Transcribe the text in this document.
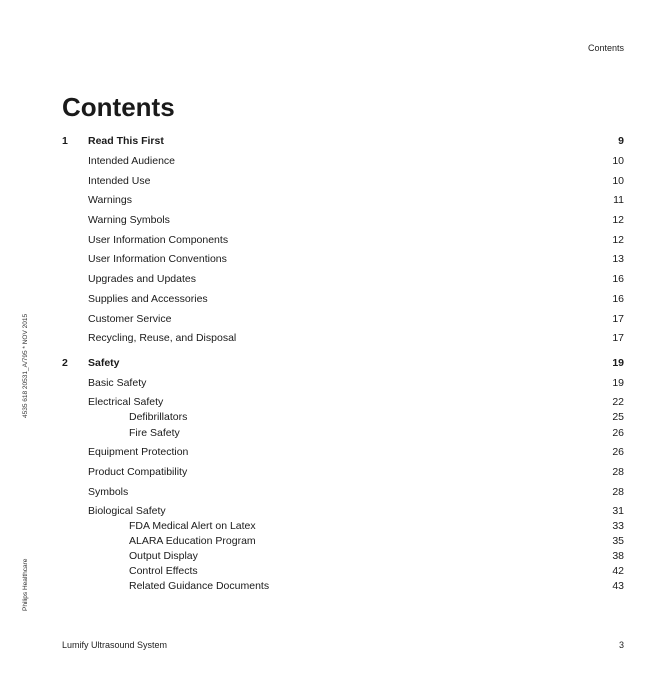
Contents
4535 618 20531_A/795 * NOV 2015
Philips Healthcare
Contents
1 Read This First	9
Intended Audience	10
Intended Use	10
Warnings	11
Warning Symbols	12
User Information Components	12
User Information Conventions	13
Upgrades and Updates	16
Supplies and Accessories	16
Customer Service	17
Recycling, Reuse, and Disposal	17
2 Safety	19
Basic Safety	19
Electrical Safety	22
Defibrillators	25
Fire Safety	26
Equipment Protection	26
Product Compatibility	28
Symbols	28
Biological Safety	31
FDA Medical Alert on Latex	33
ALARA Education Program	35
Output Display	38
Control Effects	42
Related Guidance Documents	43
Lumify Ultrasound System	3
